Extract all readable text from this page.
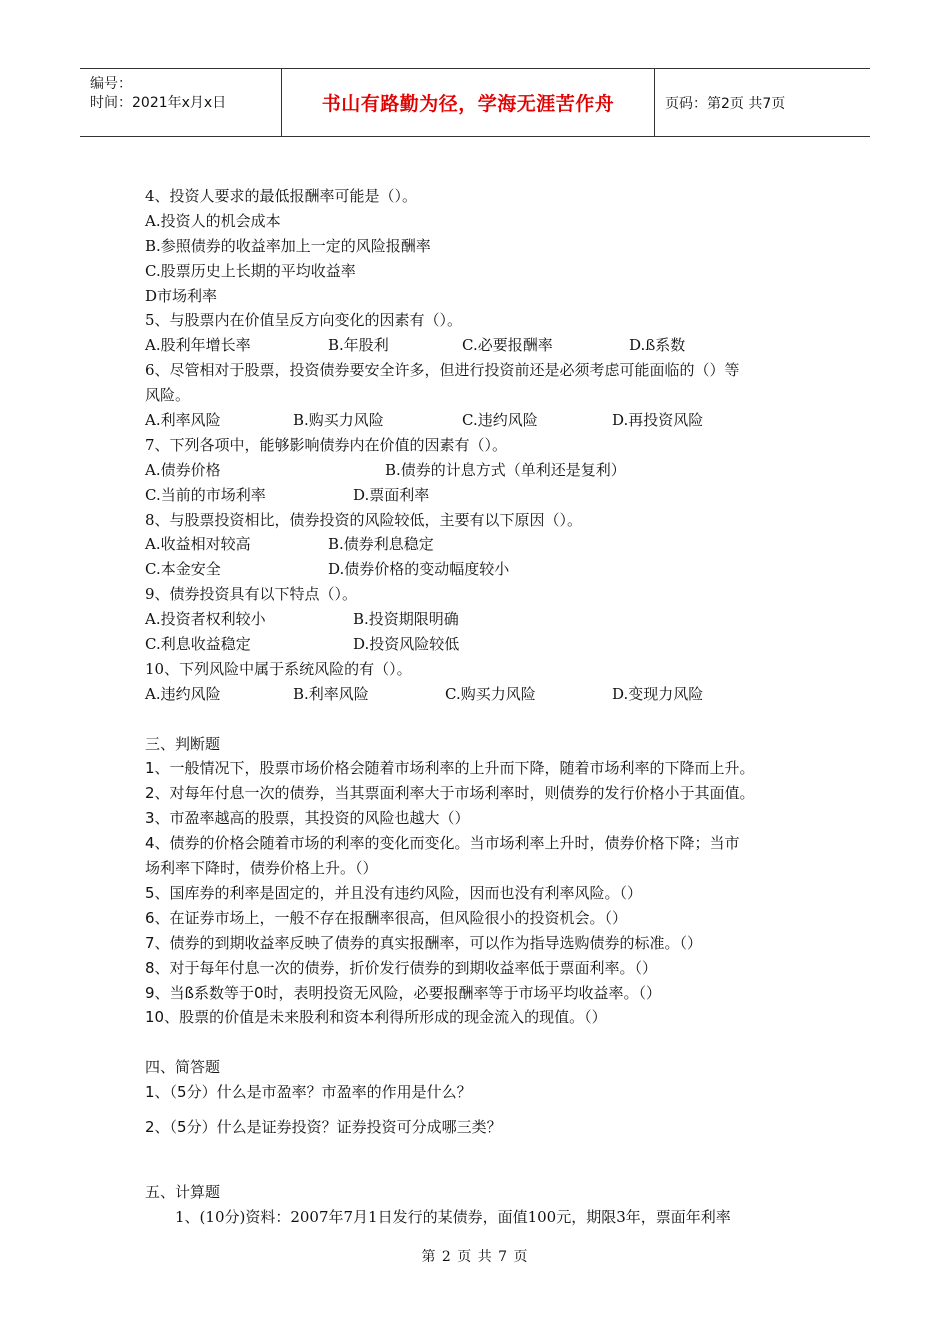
编号：
时间：2021年x月x日	书山有路勤为径，学海无涯苦作舟	页码：第2页 共7页
4、投资人要求的最低报酬率可能是（）。
A.投资人的机会成本
B.参照债券的收益率加上一定的风险报酬率
C.股票历史上长期的平均收益率
D市场利率
5、与股票内在价值呈反方向变化的因素有（）。
A.股利年增长率	B.年股利	C.必要报酬率	D.ß系数
6、尽管相对于股票，投资债券要安全许多，但进行投资前还是必须考虑可能面临的（）等
风险。
A.利率风险	B.购买力风险	C.违约风险	D.再投资风险
7、下列各项中，能够影响债券内在价值的因素有（）。
A.债券价格	B.债券的计息方式（单利还是复利）
C.当前的市场利率	D.票面利率
8、与股票投资相比，债券投资的风险较低，主要有以下原因（）。
A.收益相对较高	B.债券利息稳定
C.本金安全	D.债券价格的变动幅度较小
9、债券投资具有以下特点（）。
A.投资者权利较小	B.投资期限明确
C.利息收益稳定	D.投资风险较低
10、下列风险中属于系统风险的有（）。
A.违约风险	B.利率风险	C.购买力风险	D.变现力风险
三、判断题
1、一般情况下，股票市场价格会随着市场利率的上升而下降，随着市场利率的下降而上升。
2、对每年付息一次的债券，当其票面利率大于市场利率时，则债券的发行价格小于其面值。
3、市盈率越高的股票，其投资的风险也越大（）
4、债券的价格会随着市场的利率的变化而变化。当市场利率上升时，债券价格下降；当市
场利率下降时，债券价格上升。（）
5、国库券的利率是固定的，并且没有违约风险，因而也没有利率风险。（）
6、在证券市场上，一般不存在报酬率很高，但风险很小的投资机会。（）
7、债券的到期收益率反映了债券的真实报酬率，可以作为指导选购债券的标准。（）
8、对于每年付息一次的债券，折价发行债券的到期收益率低于票面利率。（）
9、当ß系数等于0时，表明投资无风险，必要报酬率等于市场平均收益率。（）
10、股票的价值是未来股利和资本利得所形成的现金流入的现值。（）
四、简答题
1、（5分）什么是市盈率？市盈率的作用是什么？
2、（5分）什么是证券投资？证券投资可分成哪三类？
五、计算题
1、(10分)资料：2007年7月1日发行的某债券，面值100元，期限3年，票面年利率
第 2 页 共 7 页
